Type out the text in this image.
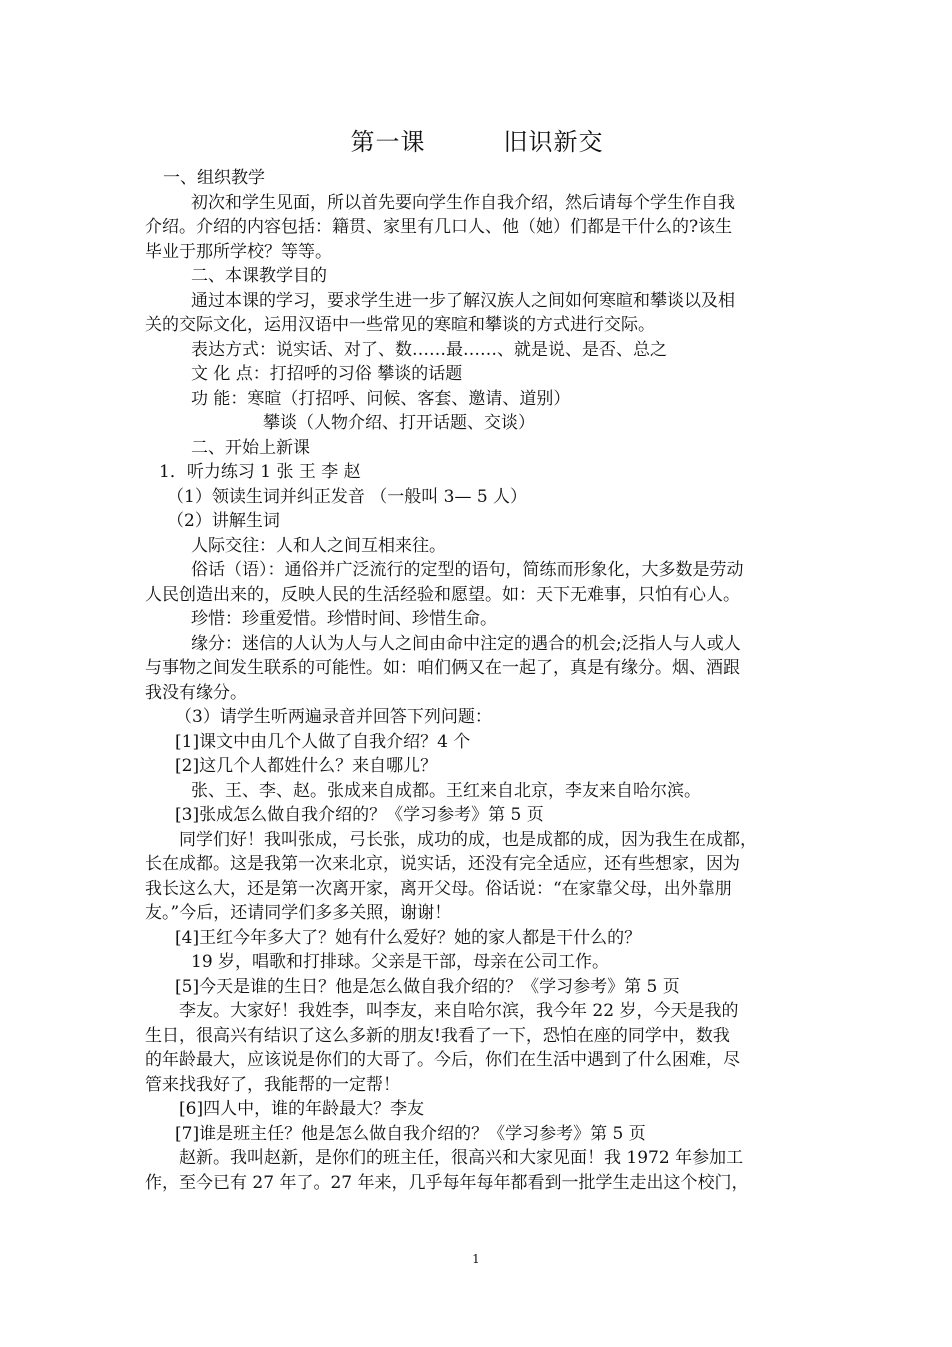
第一课	旧识新交

一、组织教学

初次和学生见面，所以首先要向学生作自我介绍，然后请每个学生作自我

介绍。介绍的内容包括：籍贯、家里有几口人、他（她）们都是干什么的?该生

毕业于那所学校？等等。

二、本课教学目的

通过本课的学习，要求学生进一步了解汉族人之间如何寒暄和攀谈以及相

关的交际文化，运用汉语中一些常见的寒暄和攀谈的方式进行交际。

表达方式：说实话、对了、数……最……、就是说、是否、总之

文 化 点：打招呼的习俗 攀谈的话题

功 能：寒暄（打招呼、问候、客套、邀请、道别）

攀谈（人物介绍、打开话题、交谈）

二、开始上新课

1．听力练习 1 张 王 李 赵

（1）领读生词并纠正发音 （一般叫 3— 5 人）

（2）讲解生词

人际交往：人和人之间互相来往。

俗话（语）：通俗并广泛流行的定型的语句，简练而形象化，大多数是劳动

人民创造出来的，反映人民的生活经验和愿望。如：天下无难事，只怕有心人。

珍惜：珍重爱惜。珍惜时间、珍惜生命。

缘分：迷信的人认为人与人之间由命中注定的遇合的机会;泛指人与人或人

与事物之间发生联系的可能性。如：咱们俩又在一起了，真是有缘分。烟、酒跟

我没有缘分。

（3）请学生听两遍录音并回答下列问题：

[1]课文中由几个人做了自我介绍？4 个

[2]这几个人都姓什么？来自哪儿？

张、王、李、赵。张成来自成都。王红来自北京，李友来自哈尔滨。

[3]张成怎么做自我介绍的？《学习参考》第 5 页

同学们好！我叫张成，弓长张，成功的成，也是成都的成，因为我生在成都，

长在成都。这是我第一次来北京，说实话，还没有完全适应，还有些想家，因为

我长这么大，还是第一次离开家，离开父母。俗话说：“在家靠父母，出外靠朋

友。”今后，还请同学们多多关照，谢谢！

[4]王红今年多大了？她有什么爱好？她的家人都是干什么的？

19 岁，唱歌和打排球。父亲是干部，母亲在公司工作。

[5]今天是谁的生日？他是怎么做自我介绍的？《学习参考》第 5 页

李友。大家好！我姓李，叫李友，来自哈尔滨，我今年 22 岁，今天是我的

生日，很高兴有结识了这么多新的朋友!我看了一下，恐怕在座的同学中，数我

的年龄最大，应该说是你们的大哥了。今后，你们在生活中遇到了什么困难，尽

管来找我好了，我能帮的一定帮！

[6]四人中，谁的年龄最大？李友

[7]谁是班主任？他是怎么做自我介绍的？《学习参考》第 5 页

赵新。我叫赵新，是你们的班主任，很高兴和大家见面！我 1972 年参加工

作，至今已有 27 年了。27 年来，几乎每年每年都看到一批学生走出这个校门，

1
